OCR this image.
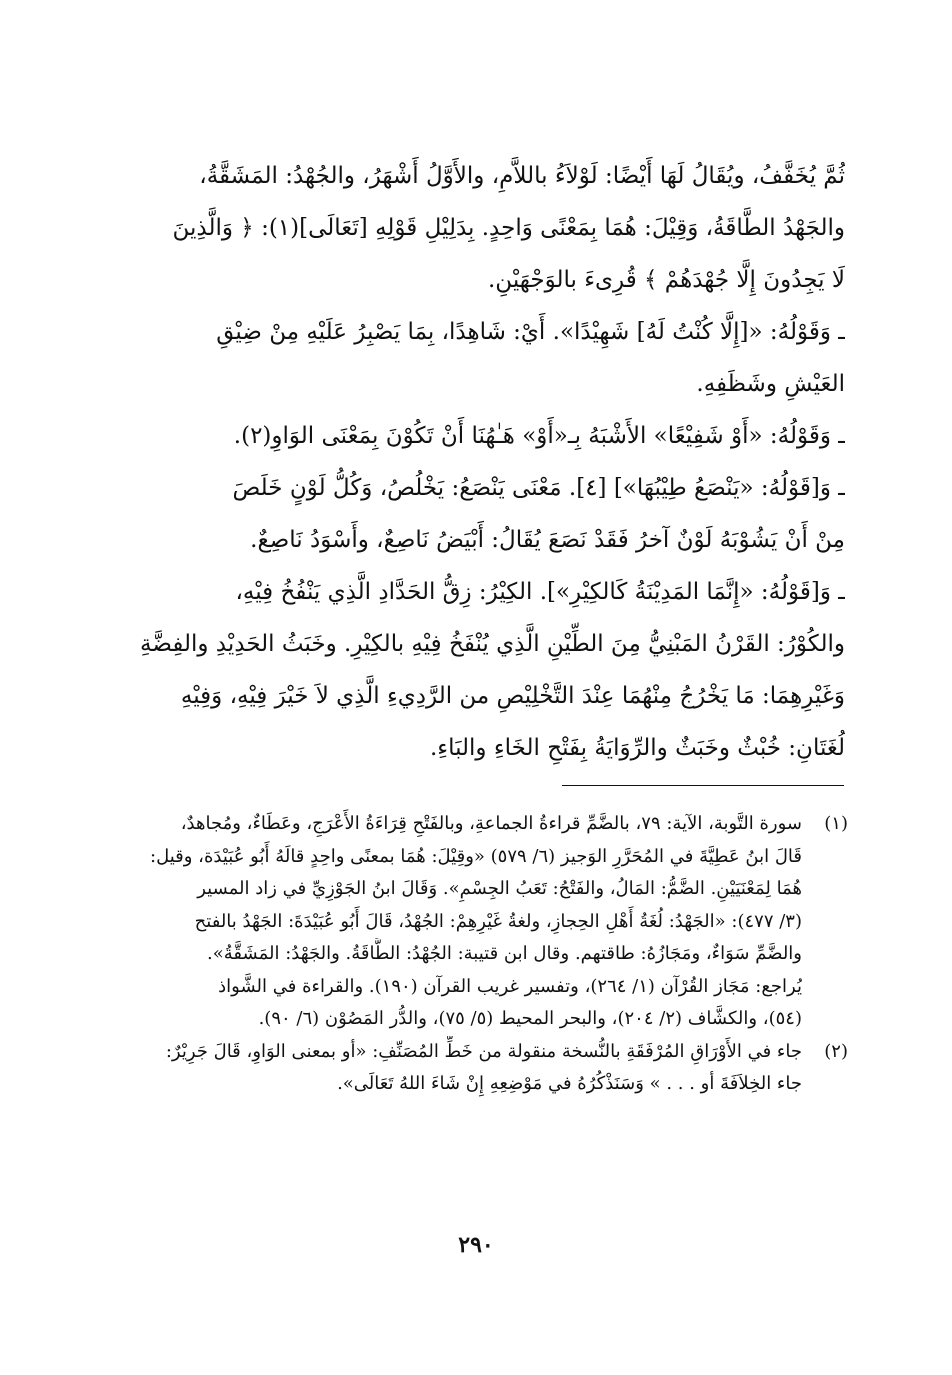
ثُمَّ يُخَفَّفُ، ويُقَالُ لَهَا أَيْضًا: لَوْلاَءُ باللاَّمِ، والأَوَّلُ أَشْهَرُ، والجُهْدُ: المَشَقَّةُ،
والجَهْدُ الطَّاقَةُ، وَقِيْلَ: هُمَا بِمَعْنًى وَاحِدٍ. بِدَلِيْلِ قَوْلِهِ [تَعَالَى](١): ﴿ وَالَّذِينَ
لَا يَجِدُونَ إِلَّا جُهْدَهُمْ ﴾ قُرِىءَ بالوَجْهَيْنِ.
ـ وَقَوْلُهُ: «[إِلَّا كُنْتُ لَهُ] شَهِيْدًا». أَيْ: شَاهِدًا، بِمَا يَصْبِرُ عَلَيْهِ مِنْ ضِيْقِ
العَيْشِ وشَظَفِهِ.
ـ وَقَوْلُهُ: «أَوْ شَفِيْعًا» الأَشْبَهُ بِـ«أَوْ» هَـٰهُنَا أَنْ تَكُوْنَ بِمَعْنَى الوَاوِ(٢).
ـ وَ[قَوْلُهُ: «يَنْصَعُ طِيْبُهَا»] [٤]. مَعْنَى يَنْصَعُ: يَخْلُصُ، وَكُلُّ لَوْنٍ خَلَصَ
مِنْ أَنْ يَشُوْبَهُ لَوْنٌ آخرُ فَقَدْ نَصَعَ يُقَالُ: أَبْيَضُ نَاصِعٌ، وأَسْوَدُ نَاصِعٌ.
ـ وَ[قَوْلُهُ: «إِنَّمَا المَدِيْنَةُ كَالكِيْرِ»]. الكِيْرُ: زِقُّ الحَدَّادِ الَّذِي يَنْفُخُ فِيْهِ،
والكُوْرُ: القَرْنُ المَبْنِيُّ مِنَ الطِّيْنِ الَّذِي يُنْفَخُ فِيْهِ بالكِيْرِ. وخَبَثُ الحَدِيْدِ والفِضَّةِ
وَغَيْرِهِمَا: مَا يَخْرُجُ مِنْهُمَا عِنْدَ التَّخْلِيْصِ من الرَّدِيءِ الَّذِي لاَ خَيْرَ فِيْهِ، وَفِيْهِ
لُغَتَانِ: خُبْثٌ وخَبَثٌ والرِّوَايَةُ بِفَتْحِ الخَاءِ والبَاءِ.
(١)
سورة التَّوبة، الآية: ٧٩، بالضَّمِّ قراءةُ الجماعةِ، وبالفَتْحِ قِرَاءَةُ الأَعْرَجِ، وعَطَاءٌ، ومُجاهدٌ،
قَالَ ابنُ عَطِيَّةَ في المُحَرَّرِ الوَجيز (٦/ ٥٧٩) «وقِيْلَ: هُمَا بمعنًى واحِدٍ قالَهُ أَبُو عُبَيْدَة، وقيل:
هُمَا لِمَعْنَيَيْنِ. الضَّمُّ: المَالُ، والفَتْحُ: تَعَبُ الجِسْمِ». وَقَالَ ابنُ الجَوْزِيِّ في زاد المسير
(٣/ ٤٧٧): «الجَهْدُ: لُغَةُ أَهْلِ الحِجازِ، ولغةُ غَيْرِهِمْ: الجُهْدُ، قَالَ أَبُو عُبَيْدَةَ: الجَهْدُ بالفتح
والضَّمِّ سَوَاءٌ، ومَجَازُهُ: طاقتهم. وقال ابن قتيبة: الجُهْدُ: الطَّاقَةُ. والجَهْدُ: المَشَقَّةُ».
يُراجع: مَجَاز القُرْآن (١/ ٢٦٤)، وتفسير غريب القرآن (١٩٠). والقراءة في الشَّواذ
(٥٤)، والكشَّاف (٢/ ٢٠٤)، والبحر المحيط (٥/ ٧٥)، والدُّر المَصُوْن (٦/ ٩٠).
(٢)
جاء في الأَوْرَاقِ المُرْفَقَةِ بالنُّسخة منقولة من خَطِّ المُصَنِّفِ: «أو بمعنى الوَاوِ، قَالَ جَرِيْرٌ:
جاء الخِلاَفَةَ أو . . . » وَسَنَذْكُرُهُ في مَوْضِعِهِ إِنْ شَاءَ اللهُ تَعَالَى».
٢٩٠
